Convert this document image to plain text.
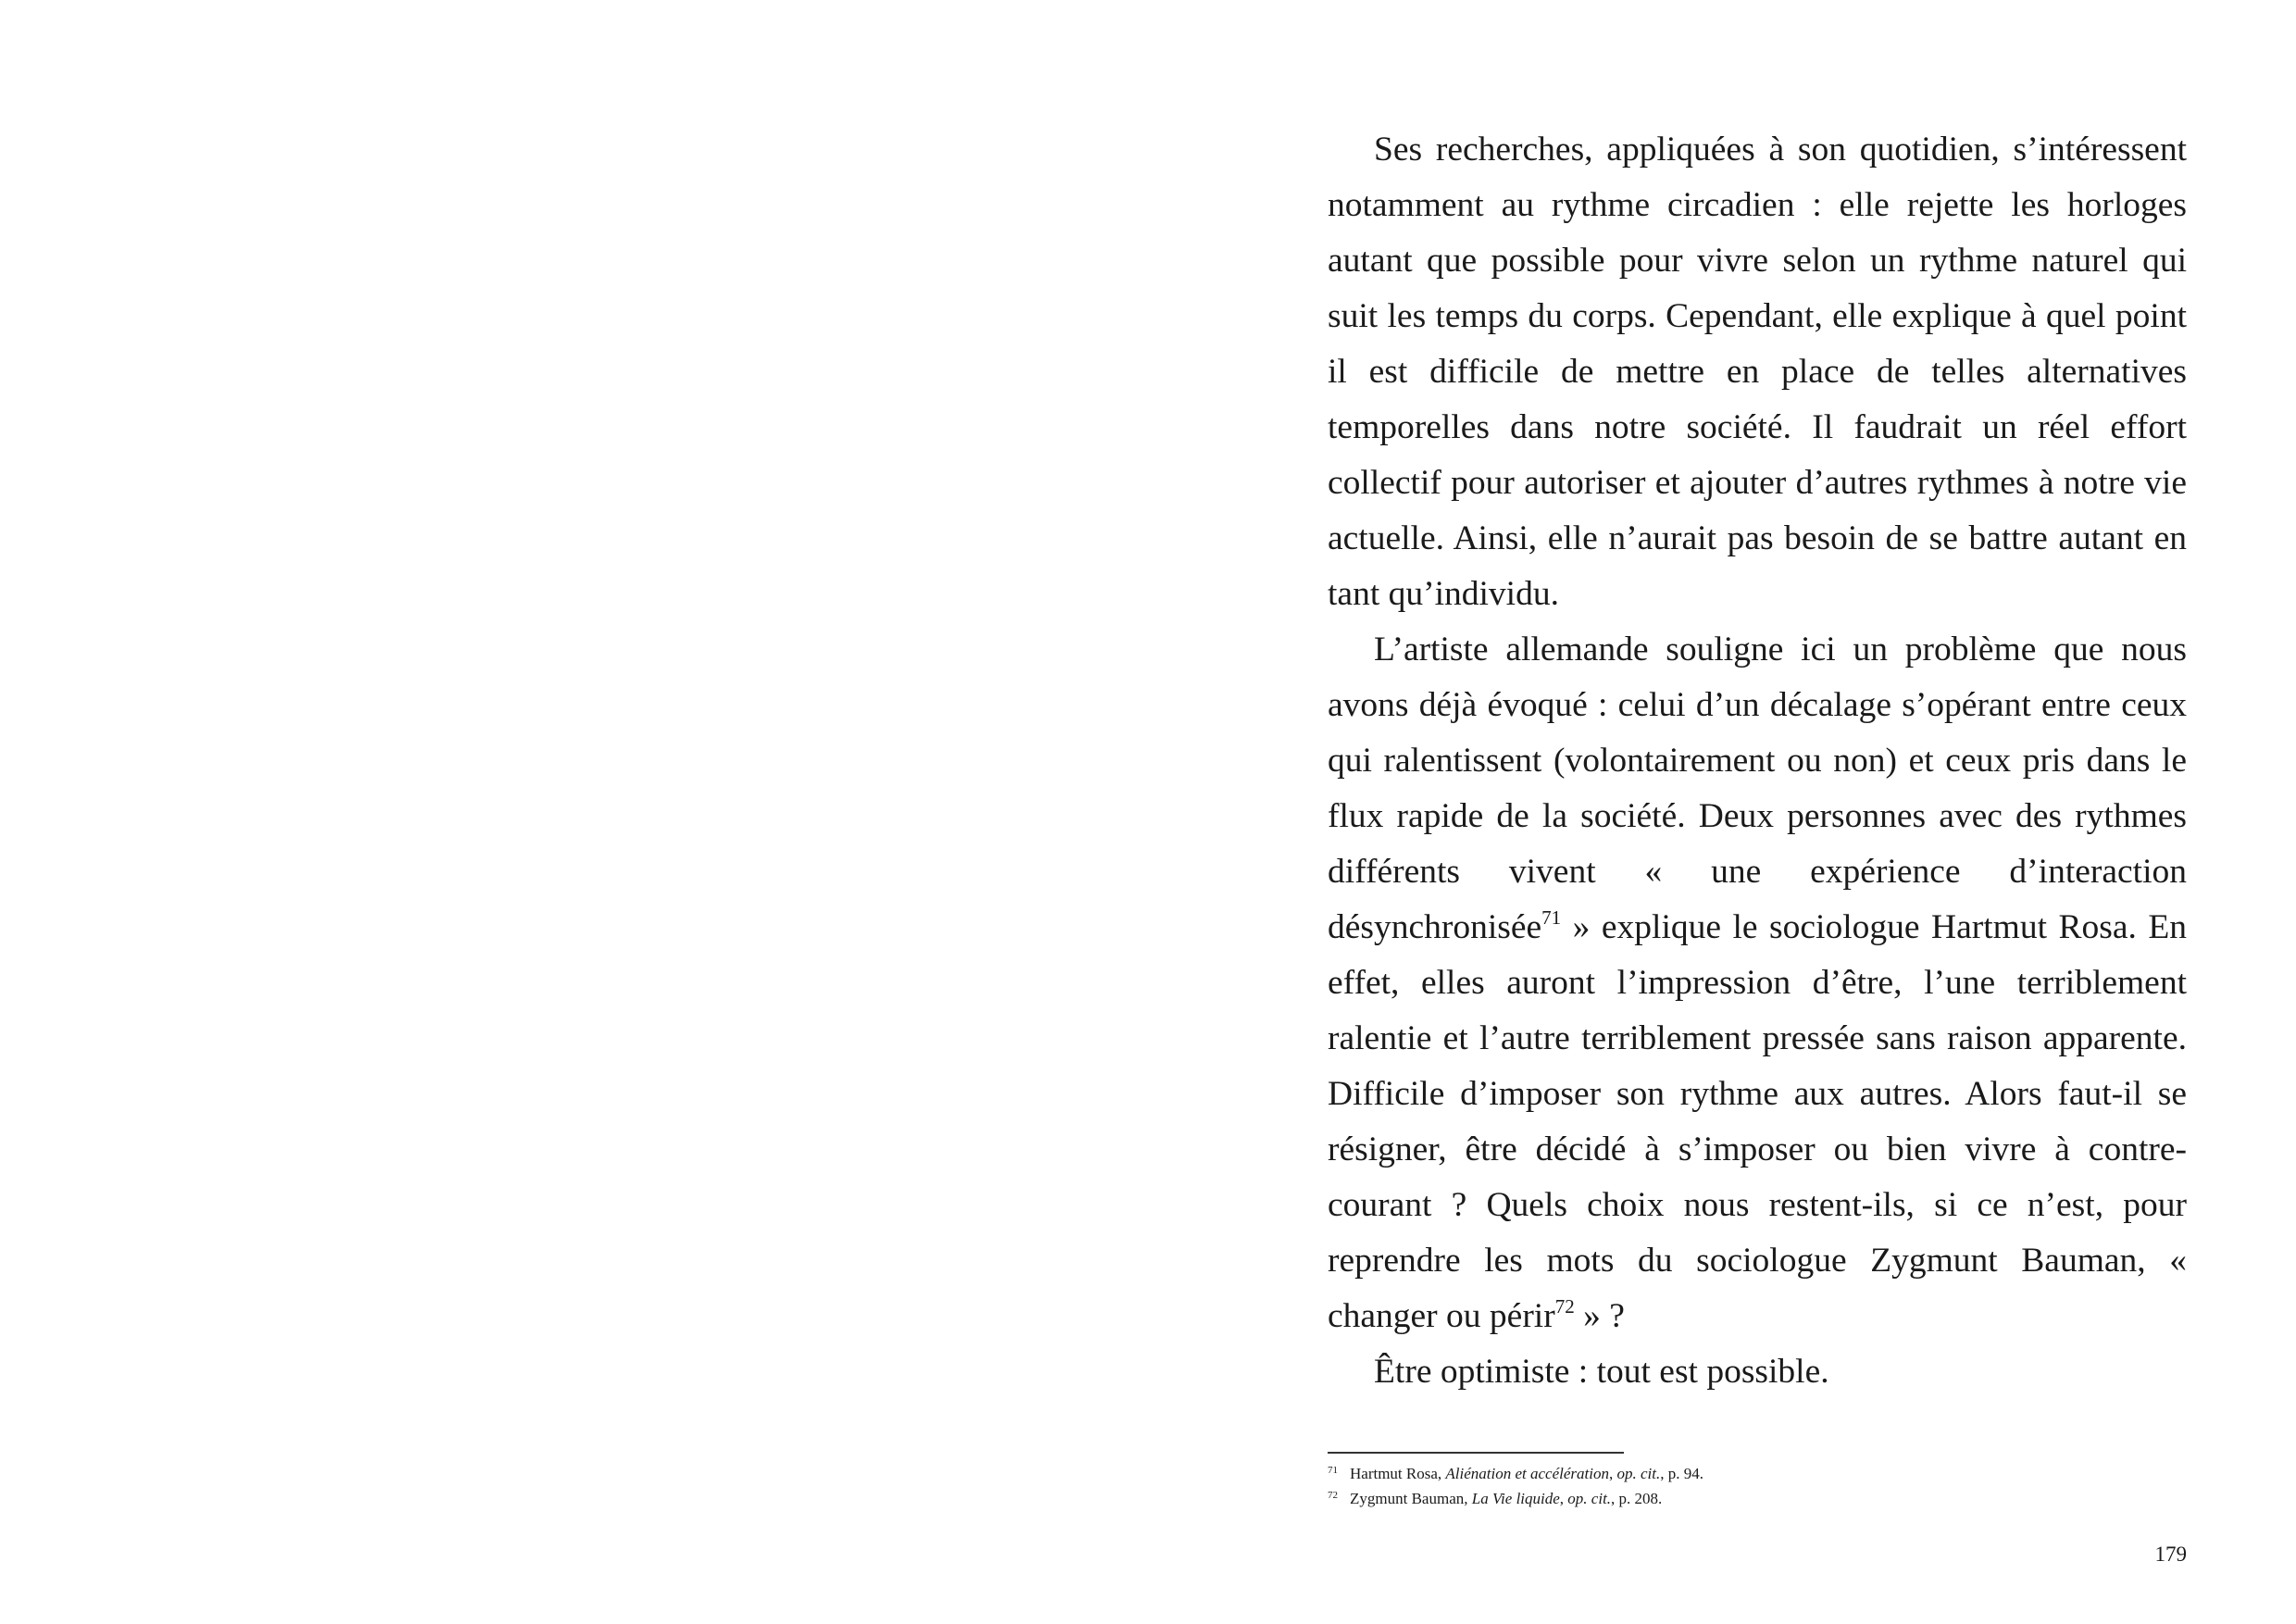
Ses recherches, appliquées à son quotidien, s’intéressent notamment au rythme circadien : elle rejette les horloges autant que possible pour vivre selon un rythme naturel qui suit les temps du corps. Cependant, elle explique à quel point il est difficile de mettre en place de telles alternatives temporelles dans notre société. Il faudrait un réel effort collectif pour autoriser et ajouter d’autres rythmes à notre vie actuelle. Ainsi, elle n’aurait pas besoin de se battre autant en tant qu’individu.

L’artiste allemande souligne ici un problème que nous avons déjà évoqué : celui d’un décalage s’opérant entre ceux qui ralentissent (volontairement ou non) et ceux pris dans le flux rapide de la société. Deux personnes avec des rythmes différents vivent « une expérience d’interaction désynchronisée$^{71}$ » explique le sociologue Hartmut Rosa. En effet, elles auront l’impression d’être, l’une terriblement ralentie et l’autre terriblement pressée sans raison apparente. Difficile d’imposer son rythme aux autres. Alors faut-il se résigner, être décidé à s’imposer ou bien vivre à contre-courant ? Quels choix nous restent-ils, si ce n’est, pour reprendre les mots du sociologue Zygmunt Bauman, « changer ou périr$^{72}$ » ?

Être optimiste : tout est possible.

71 Hartmut Rosa, Aliénation et accélération, op. cit., p. 94.
72 Zygmunt Bauman, La Vie liquide, op. cit., p. 208.
179
